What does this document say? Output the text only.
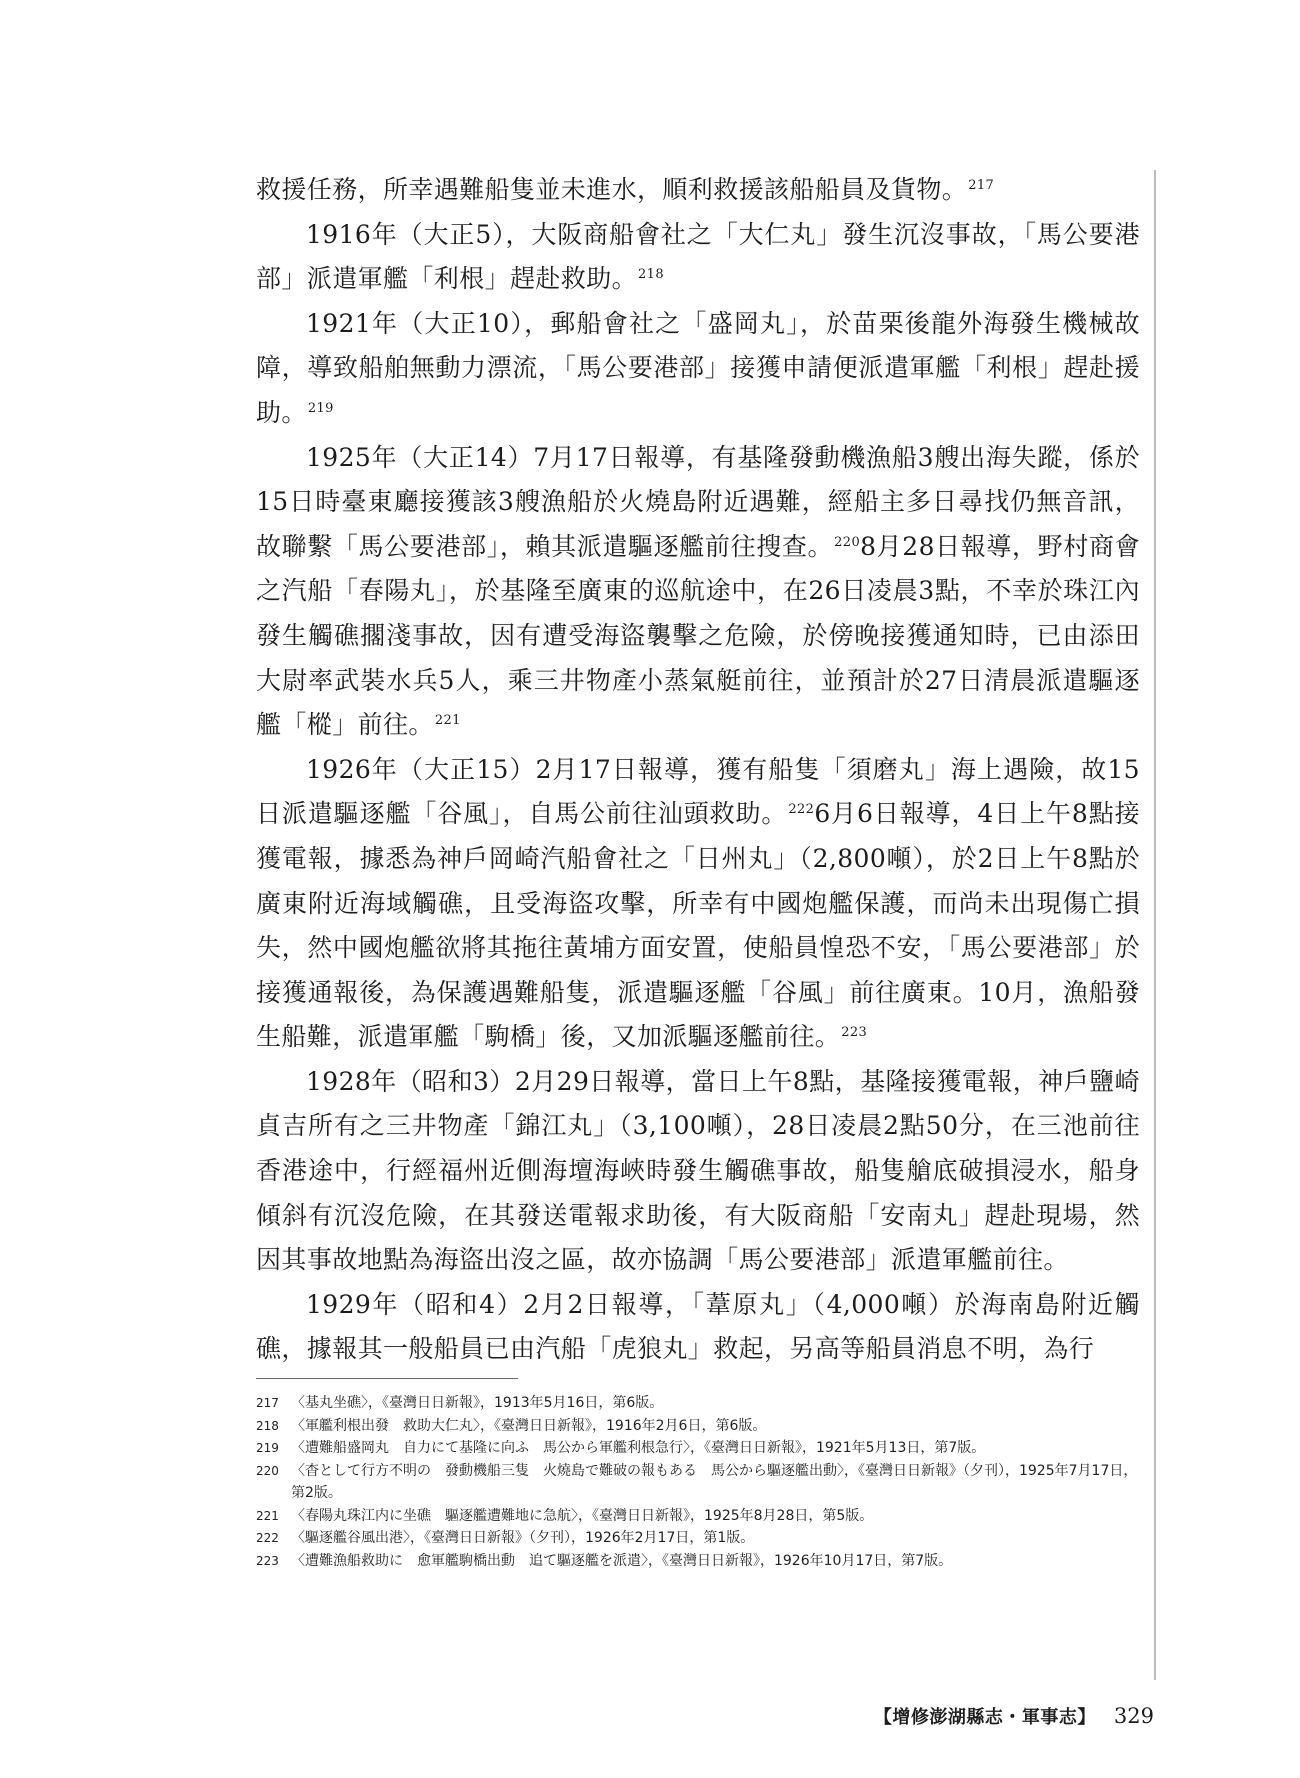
救援任務，所幸遇難船隻並未進水，順利救援該船船員及貨物。$^{217}$

1916年（大正5），大阪商船會社之「大仁丸」發生沉沒事故，「馬公要港部」派遣軍艦「利根」趕赴救助。$^{218}$

1921年（大正10），郵船會社之「盛岡丸」，於苗栗後龍外海發生機械故障，導致船舶無動力漂流，「馬公要港部」接獲申請便派遣軍艦「利根」趕赴援助。$^{219}$

1925年（大正14）7月17日報導，有基隆發動機漁船3艘出海失蹤，係於15日時臺東廳接獲該3艘漁船於火燒島附近遇難，經船主多日尋找仍無音訊，故聯繫「馬公要港部」，賴其派遣驅逐艦前往搜查。$^{220}$8月28日報導，野村商會之汽船「春陽丸」，於基隆至廣東的巡航途中，在26日凌晨3點，不幸於珠江內發生觸礁擱淺事故，因有遭受海盜襲擊之危險，於傍晚接獲通知時，已由添田大尉率武裝水兵5人，乘三井物產小蒸氣艇前往，並預計於27日清晨派遣驅逐艦「樅」前往。$^{221}$

1926年（大正15）2月17日報導，獲有船隻「須磨丸」海上遇險，故15日派遣驅逐艦「谷風」，自馬公前往汕頭救助。$^{222}$6月6日報導，4日上午8點接獲電報，據悉為神戶岡崎汽船會社之「日州丸」（2,800噸），於2日上午8點於廣東附近海域觸礁，且受海盜攻擊，所幸有中國炮艦保護，而尚未出現傷亡損失，然中國炮艦欲將其拖往黃埔方面安置，使船員惶恐不安，「馬公要港部」於接獲通報後，為保護遇難船隻，派遣驅逐艦「谷風」前往廣東。10月，漁船發生船難，派遣軍艦「駒橋」後，又加派驅逐艦前往。$^{223}$

1928年（昭和3）2月29日報導，當日上午8點，基隆接獲電報，神戶鹽崎貞吉所有之三井物產「錦江丸」（3,100噸），28日凌晨2點50分，在三池前往香港途中，行經福州近側海壇海峽時發生觸礁事故，船隻艙底破損浸水，船身傾斜有沉沒危險，在其發送電報求助後，有大阪商船「安南丸」趕赴現場，然因其事故地點為海盜出沒之區，故亦協調「馬公要港部」派遣軍艦前往。

1929年（昭和4）2月2日報導，「葦原丸」（4,000噸）於海南島附近觸礁，據報其一般船員已由汽船「虎狼丸」救起，另高等船員消息不明，為行

217 〈基丸坐礁〉，《臺灣日日新報》，1913年5月16日，第6版。
218 〈軍艦利根出發　救助大仁丸〉，《臺灣日日新報》，1916年2月6日，第6版。
219 〈遭難船盛岡丸　自力にて基隆に向ふ　馬公から軍艦利根急行〉，《臺灣日日新報》，1921年5月13日，第7版。
220 〈杳として行方不明の　發動機船三隻　火燒島で難破の報もある　馬公から驅逐艦出動〉，《臺灣日日新報》（夕刊），1925年7月17日，第2版。
221 〈春陽丸珠江内に坐礁　驅逐艦遭難地に急航〉，《臺灣日日新報》，1925年8月28日，第5版。
222 〈驅逐艦谷風出港〉，《臺灣日日新報》（夕刊），1926年2月17日，第1版。
223 〈遭難漁船救助に　愈軍艦駒橋出動　追て驅逐艦を派遣〉，《臺灣日日新報》，1926年10月17日，第7版。
【增修澎湖縣志・軍事志】 329
